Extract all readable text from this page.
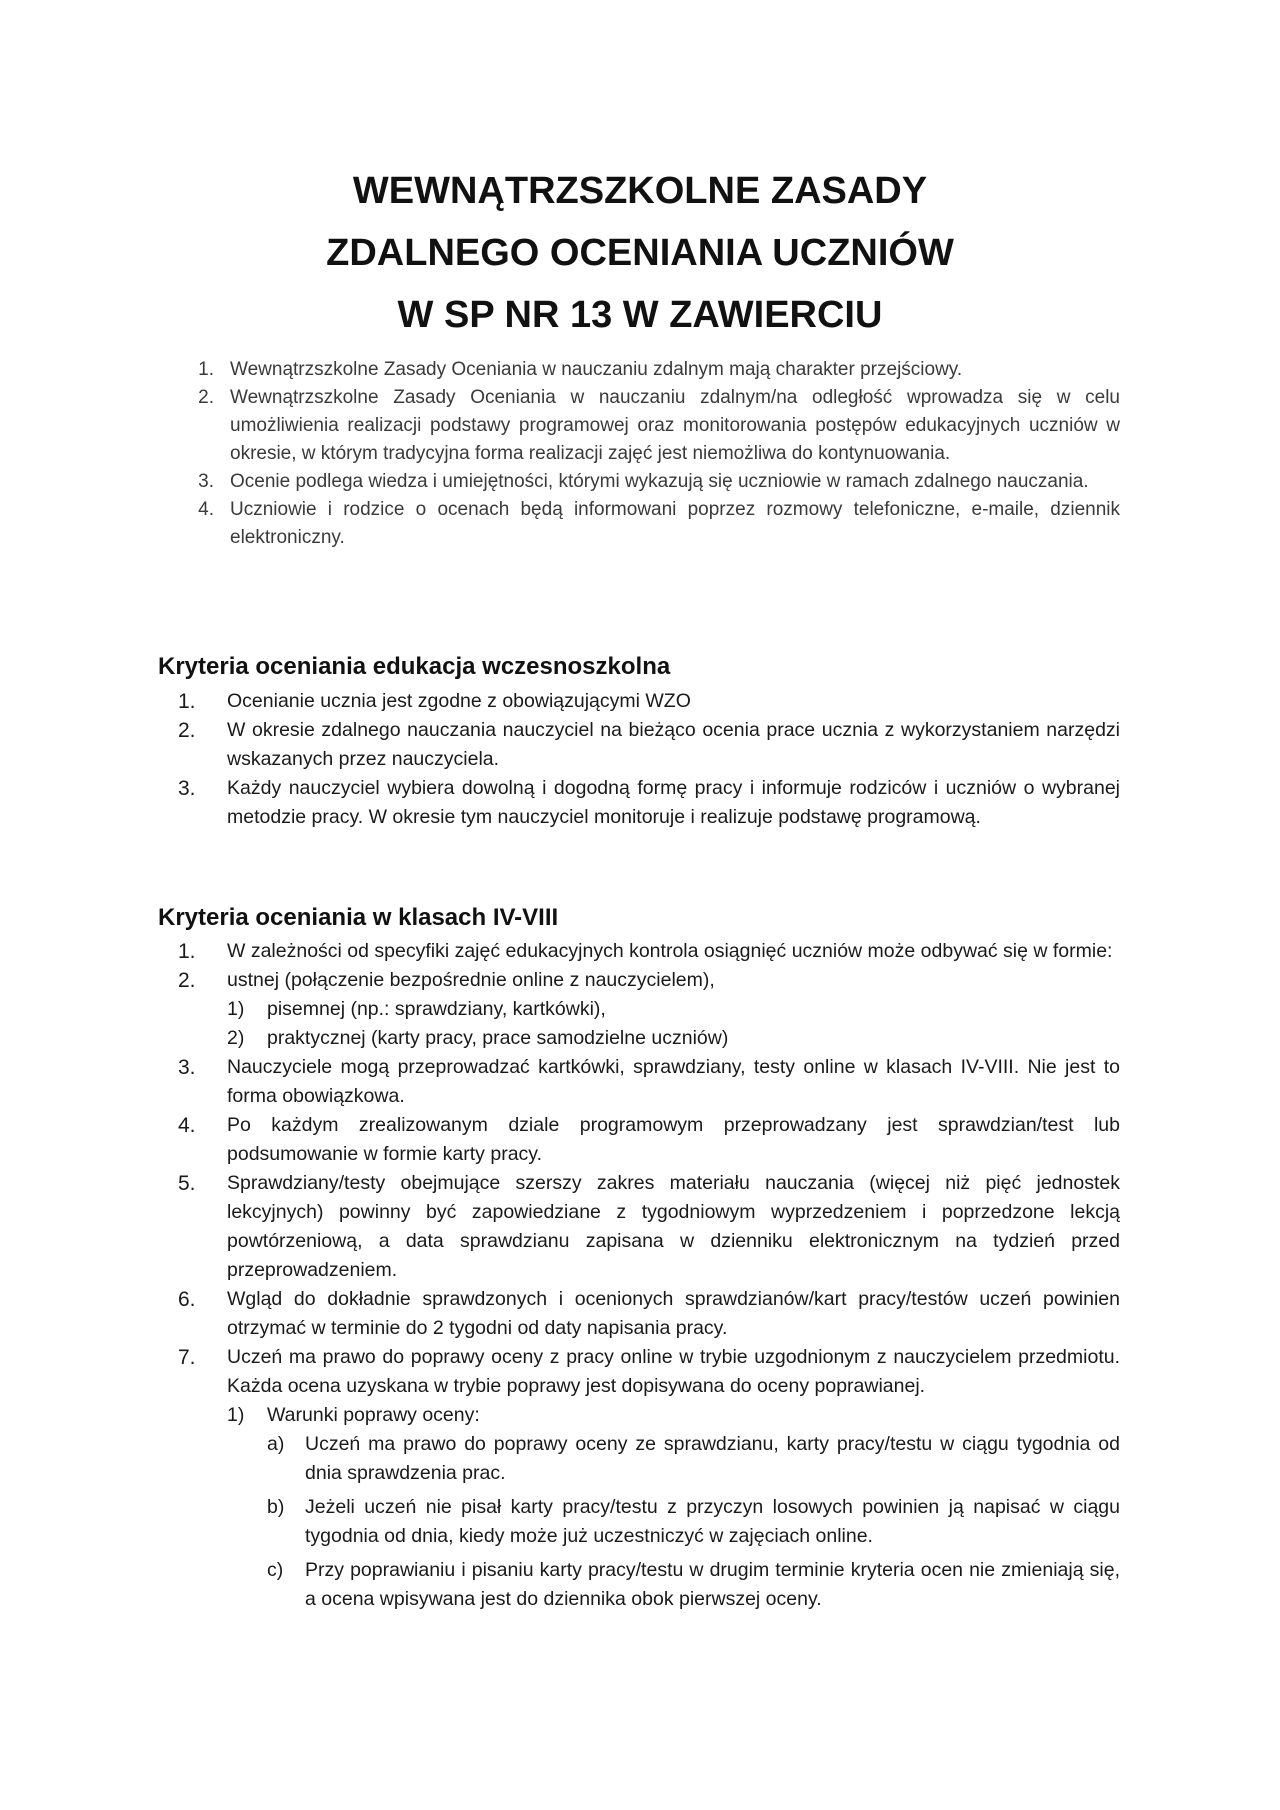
WEWNĄTRZSZKOLNE ZASADY
ZDALNEGO OCENIANIA UCZNIÓW
W SP NR 13 W ZAWIERCIU
1. Wewnątrzszkolne Zasady Oceniania w nauczaniu zdalnym mają charakter przejściowy.
2. Wewnątrzszkolne Zasady Oceniania w nauczaniu zdalnym/na odległość wprowadza się w celu umożliwienia realizacji podstawy programowej oraz monitorowania postępów edukacyjnych uczniów w okresie, w którym tradycyjna forma realizacji zajęć jest niemożliwa do kontynuowania.
3. Ocenie podlega wiedza i umiejętności, którymi wykazują się uczniowie w ramach zdalnego nauczania.
4. Uczniowie i rodzice o ocenach będą informowani poprzez rozmowy telefoniczne, e-maile, dziennik elektroniczny.
Kryteria oceniania edukacja wczesnoszkolna
1. Ocenianie ucznia jest zgodne z obowiązującymi WZO
2. W okresie zdalnego nauczania nauczyciel na bieżąco ocenia prace ucznia z wykorzystaniem narzędzi wskazanych przez nauczyciela.
3. Każdy nauczyciel wybiera dowolną i dogodną formę pracy i informuje rodziców i uczniów o wybranej metodzie pracy. W okresie tym nauczyciel monitoruje i realizuje podstawę programową.
Kryteria oceniania w klasach IV-VIII
1. W zależności od specyfiki zajęć edukacyjnych kontrola osiągnięć uczniów może odbywać się w formie:
2. ustnej (połączenie bezpośrednie online z nauczycielem),
1) pisemnej (np.: sprawdziany, kartkówki),
2) praktycznej (karty pracy, prace samodzielne uczniów)
3. Nauczyciele mogą przeprowadzać kartkówki, sprawdziany, testy online w klasach IV-VIII. Nie jest to forma obowiązkowa.
4. Po każdym zrealizowanym dziale programowym przeprowadzany jest sprawdzian/test lub podsumowanie w formie karty pracy.
5. Sprawdziany/testy obejmujące szerszy zakres materiału nauczania (więcej niż pięć jednostek lekcyjnych) powinny być zapowiedziane z tygodniowym wyprzedzeniem i poprzedzone lekcją powtórzeniową, a data sprawdzianu zapisana w dzienniku elektronicznym na tydzień przed przeprowadzeniem.
6. Wgląd do dokładnie sprawdzonych i ocenionych sprawdzianów/kart pracy/testów uczeń powinien otrzymać w terminie do 2 tygodni od daty napisania pracy.
7. Uczeń ma prawo do poprawy oceny z pracy online w trybie uzgodnionym z nauczycielem przedmiotu. Każda ocena uzyskana w trybie poprawy jest dopisywana do oceny poprawianej.
1) Warunki poprawy oceny:
a) Uczeń ma prawo do poprawy oceny ze sprawdzianu, karty pracy/testu w ciągu tygodnia od dnia sprawdzenia prac.
b) Jeżeli uczeń nie pisał karty pracy/testu z przyczyn losowych powinien ją napisać w ciągu tygodnia od dnia, kiedy może już uczestniczyć w zajęciach online.
c) Przy poprawianiu i pisaniu karty pracy/testu w drugim terminie kryteria ocen nie zmieniają się, a ocena wpisywana jest do dziennika obok pierwszej oceny.
